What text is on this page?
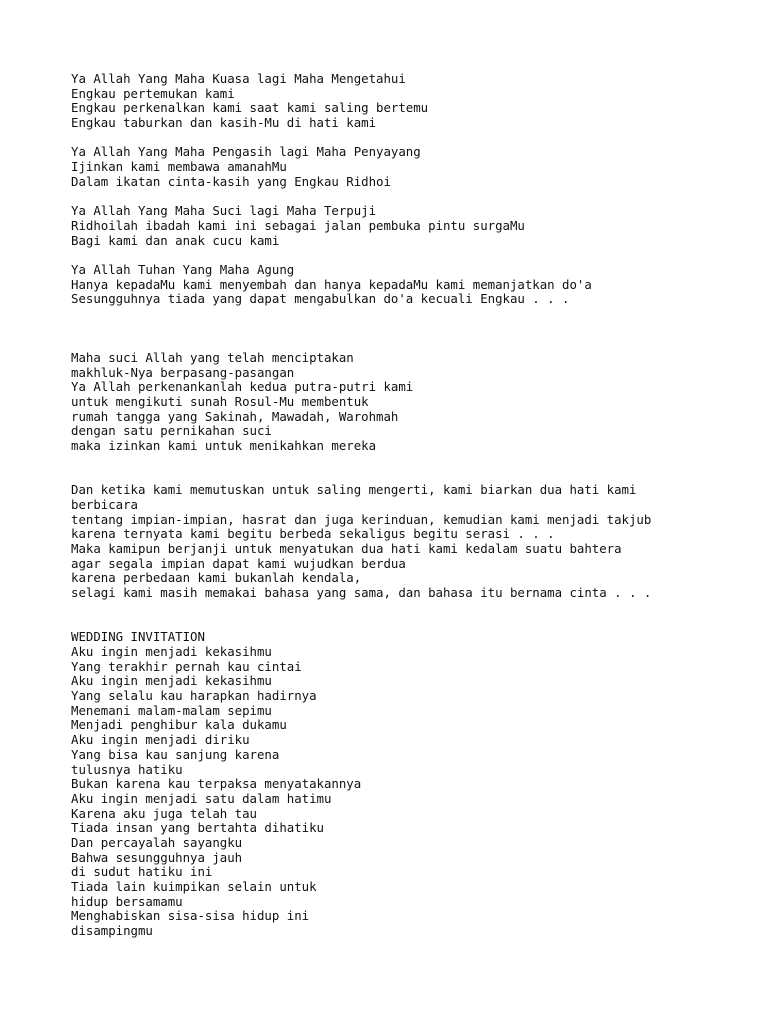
Ya Allah Yang Maha Kuasa lagi Maha Mengetahui
Engkau pertemukan kami
Engkau perkenalkan kami saat kami saling bertemu
Engkau taburkan dan kasih-Mu di hati kami
Ya Allah Yang Maha Pengasih lagi Maha Penyayang
Ijinkan kami membawa amanahMu
Dalam ikatan cinta-kasih yang Engkau Ridhoi
Ya Allah Yang Maha Suci lagi Maha Terpuji
Ridhoilah ibadah kami ini sebagai jalan pembuka pintu surgaMu
Bagi kami dan anak cucu kami
Ya Allah Tuhan Yang Maha Agung
Hanya kepadaMu kami menyembah dan hanya kepadaMu kami memanjatkan do'a
Sesungguhnya tiada yang dapat mengabulkan do'a kecuali Engkau . . .
Maha suci Allah yang telah menciptakan
makhluk-Nya berpasang-pasangan
Ya Allah perkenankanlah kedua putra-putri kami
untuk mengikuti sunah Rosul-Mu membentuk
rumah tangga yang Sakinah, Mawadah, Warohmah
dengan satu pernikahan suci
maka izinkan kami untuk menikahkan mereka
Dan ketika kami memutuskan untuk saling mengerti, kami biarkan dua hati kami
berbicara
tentang impian-impian, hasrat dan juga kerinduan, kemudian kami menjadi takjub
karena ternyata kami begitu berbeda sekaligus begitu serasi . . .
Maka kamipun berjanji untuk menyatukan dua hati kami kedalam suatu bahtera
agar segala impian dapat kami wujudkan berdua
karena perbedaan kami bukanlah kendala,
selagi kami masih memakai bahasa yang sama, dan bahasa itu bernama cinta . . .
WEDDING INVITATION
Aku ingin menjadi kekasihmu
Yang terakhir pernah kau cintai
Aku ingin menjadi kekasihmu
Yang selalu kau harapkan hadirnya
Menemani malam-malam sepimu
Menjadi penghibur kala dukamu
Aku ingin menjadi diriku
Yang bisa kau sanjung karena
tulusnya hatiku
Bukan karena kau terpaksa menyatakannya
Aku ingin menjadi satu dalam hatimu
Karena aku juga telah tau
Tiada insan yang bertahta dihatiku
Dan percayalah sayangku
Bahwa sesungguhnya jauh
di sudut hatiku ini
Tiada lain kuimpikan selain untuk
hidup bersamamu
Menghabiskan sisa-sisa hidup ini
disampingmu
